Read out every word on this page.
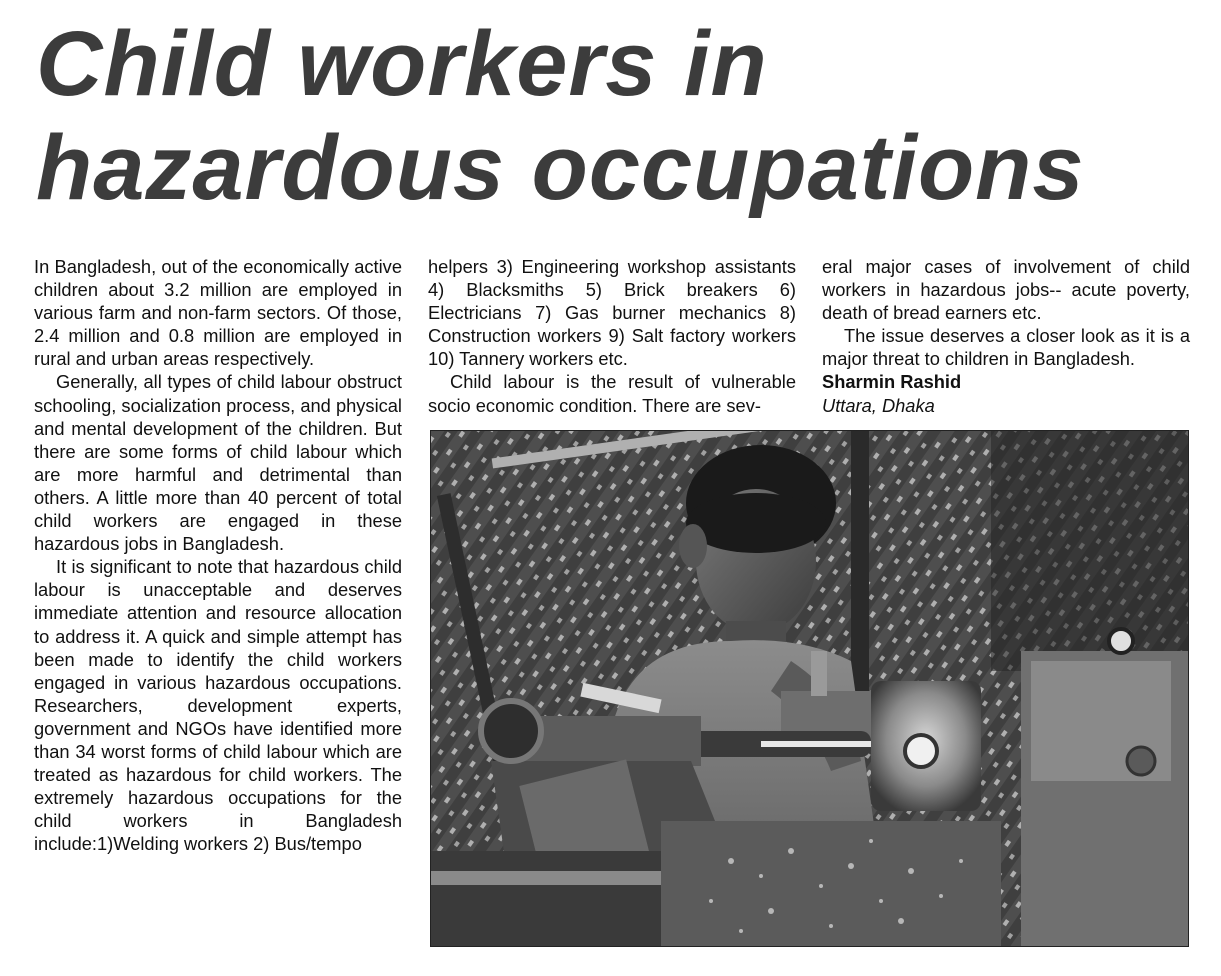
Child workers in
hazardous occupations

In Bangladesh, out of the economically active children about 3.2 million are employed in various farm and non-farm sectors. Of those, 2.4 million and 0.8 million are employed in rural and urban areas respectively.

Generally, all types of child labour obstruct schooling, socialization process, and physical and mental development of the children. But there are some forms of child labour which are more harmful and detrimental than others. A little more than 40 percent of total child workers are engaged in these hazardous jobs in Bangladesh.

It is significant to note that hazardous child labour is unacceptable and deserves immediate attention and resource allocation to address it. A quick and simple attempt has been made to identify the child workers engaged in various hazardous occupations. Researchers, development experts, government and NGOs have identified more than 34 worst forms of child labour which are treated as hazardous for child workers. The extremely hazardous occupations for the child workers in Bangladesh include:1)Welding workers 2) Bus/tempo

helpers 3) Engineering workshop assistants 4) Blacksmiths 5) Brick breakers 6) Electricians 7) Gas burner mechanics 8) Construction workers 9) Salt factory workers 10) Tannery workers etc.

Child labour is the result of vulnerable socio economic condition. There are sev-

eral major cases of involvement of child workers in hazardous jobs-- acute poverty, death of bread earners etc.

The issue deserves a closer look as it is a major threat to children in Bangladesh.

Sharmin Rashid

Uttara, Dhaka
